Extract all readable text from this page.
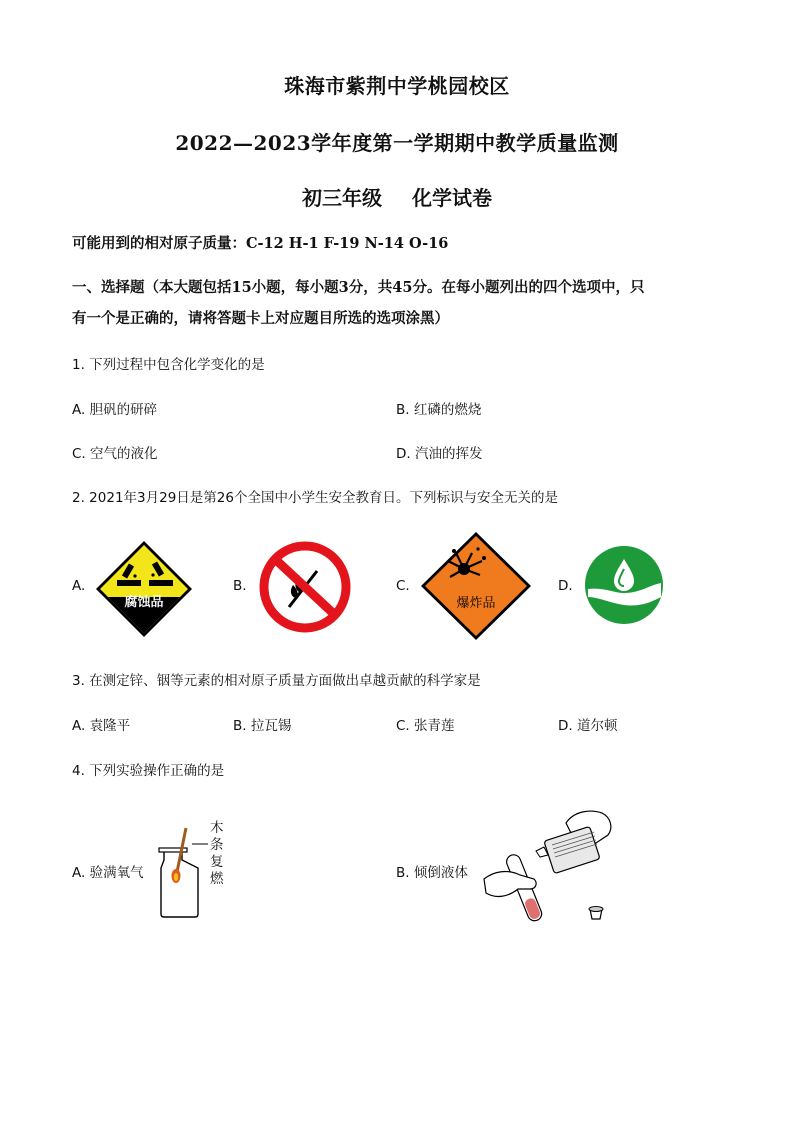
珠海市紫荆中学桃园校区
2022—2023学年度第一学期期中教学质量监测
初三年级 化学试卷
可能用到的相对原子质量：C-12 H-1 F-19 N-14 O-16
一、选择题（本大题包括15小题，每小题3分，共45分。在每小题列出的四个选项中，只
有一个是正确的，请将答题卡上对应题目所选的选项涂黑）
1. 下列过程中包含化学变化的是
A. 胆矾的研碎	B. 红磷的燃烧
C. 空气的液化	D. 汽油的挥发
2. 2021年3月29日是第26个全国中小学生安全教育日。下列标识与安全无关的是
A.
腐蚀品
B.	C.
爆炸品
D.
3. 在测定锌、铟等元素的相对原子质量方面做出卓越贡献的科学家是
A. 袁隆平	B. 拉瓦锡	C. 张青莲	D. 道尔顿
4. 下列实验操作正确的是
A. 验满氧气
木
条
复
燃	B. 倾倒液体
